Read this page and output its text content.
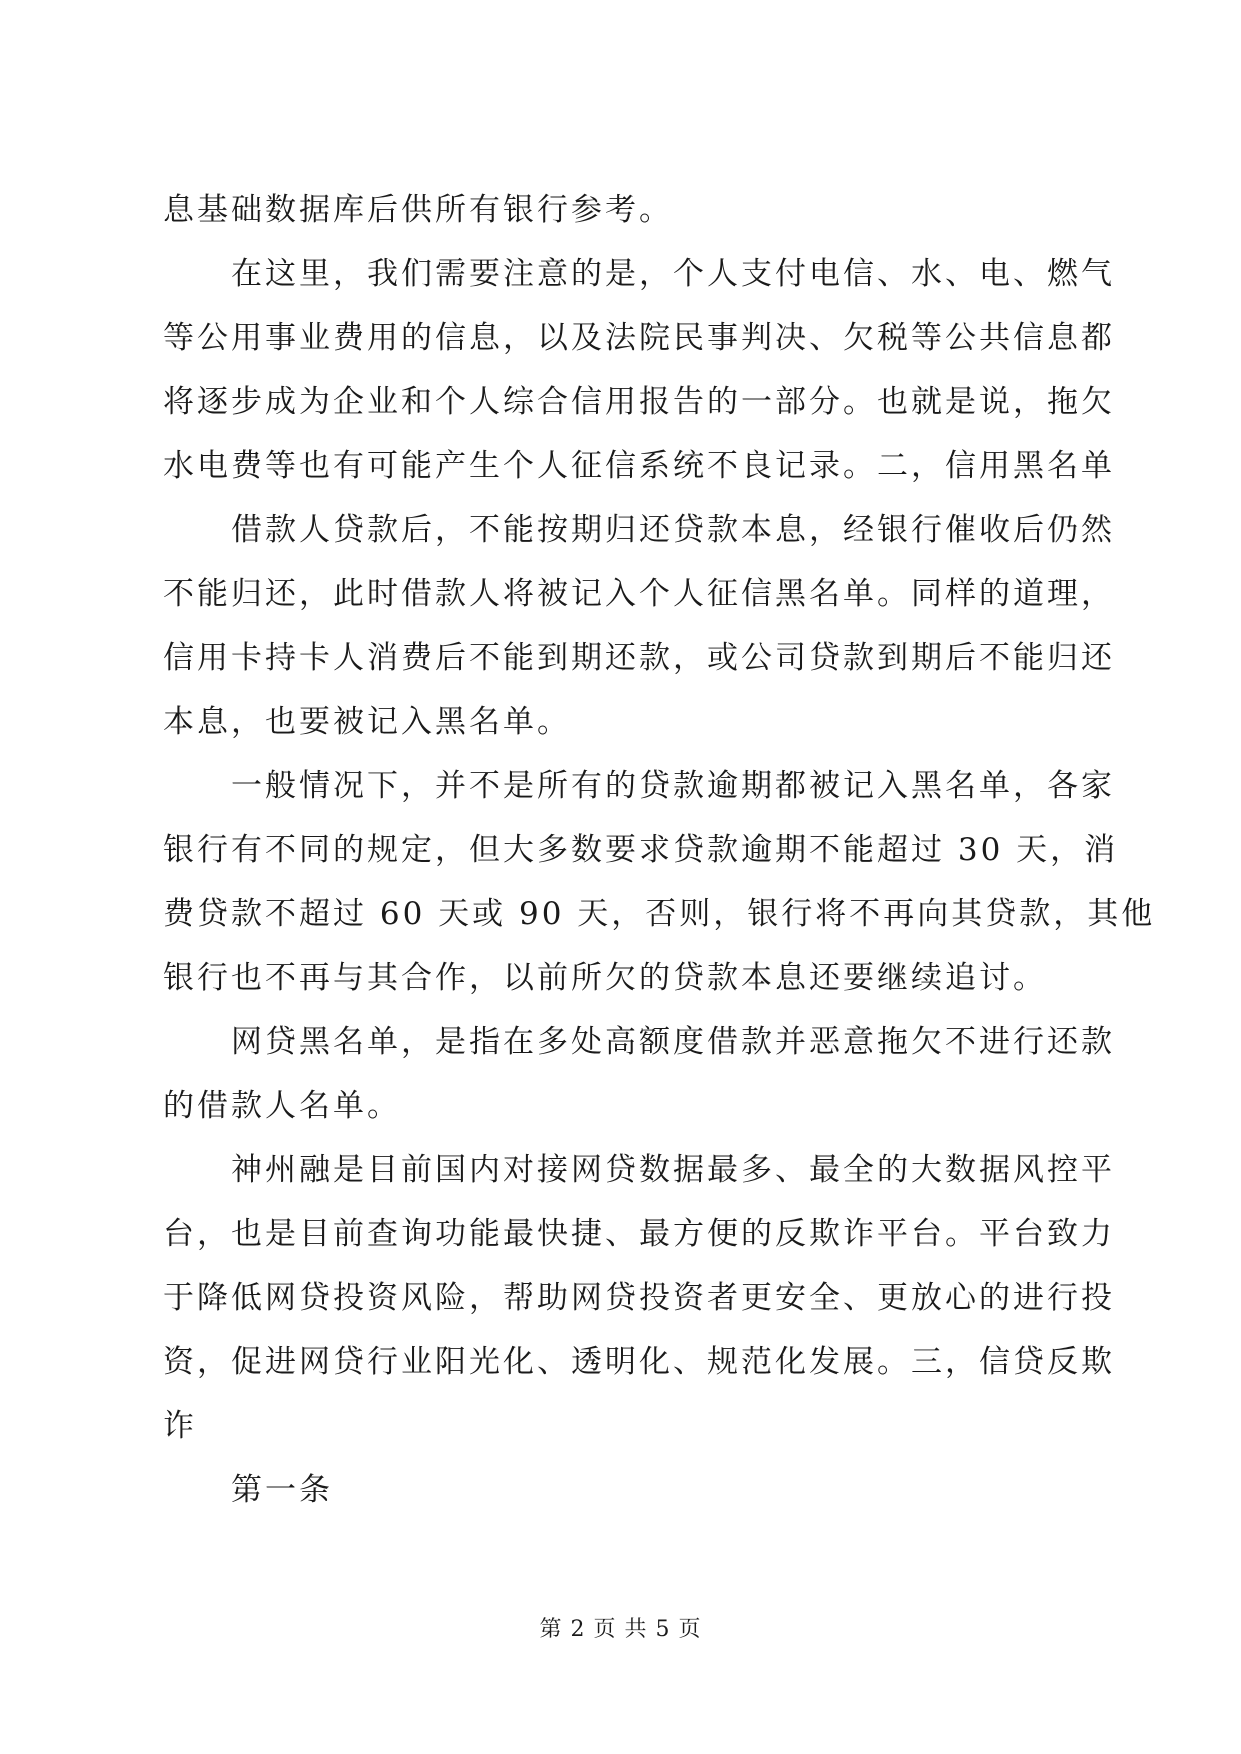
息基础数据库后供所有银行参考。
在这里，我们需要注意的是，个人支付电信、水、电、燃气
等公用事业费用的信息，以及法院民事判决、欠税等公共信息都
将逐步成为企业和个人综合信用报告的一部分。也就是说，拖欠
水电费等也有可能产生个人征信系统不良记录。二，信用黑名单
借款人贷款后，不能按期归还贷款本息，经银行催收后仍然
不能归还，此时借款人将被记入个人征信黑名单。同样的道理，
信用卡持卡人消费后不能到期还款，或公司贷款到期后不能归还
本息，也要被记入黑名单。
一般情况下，并不是所有的贷款逾期都被记入黑名单，各家
银行有不同的规定，但大多数要求贷款逾期不能超过 30 天，消
费贷款不超过 60 天或 90 天，否则，银行将不再向其贷款，其他
银行也不再与其合作，以前所欠的贷款本息还要继续追讨。
网贷黑名单，是指在多处高额度借款并恶意拖欠不进行还款
的借款人名单。
神州融是目前国内对接网贷数据最多、最全的大数据风控平
台，也是目前查询功能最快捷、最方便的反欺诈平台。平台致力
于降低网贷投资风险，帮助网贷投资者更安全、更放心的进行投
资，促进网贷行业阳光化、透明化、规范化发展。三，信贷反欺
诈
第一条
第 2 页 共 5 页
